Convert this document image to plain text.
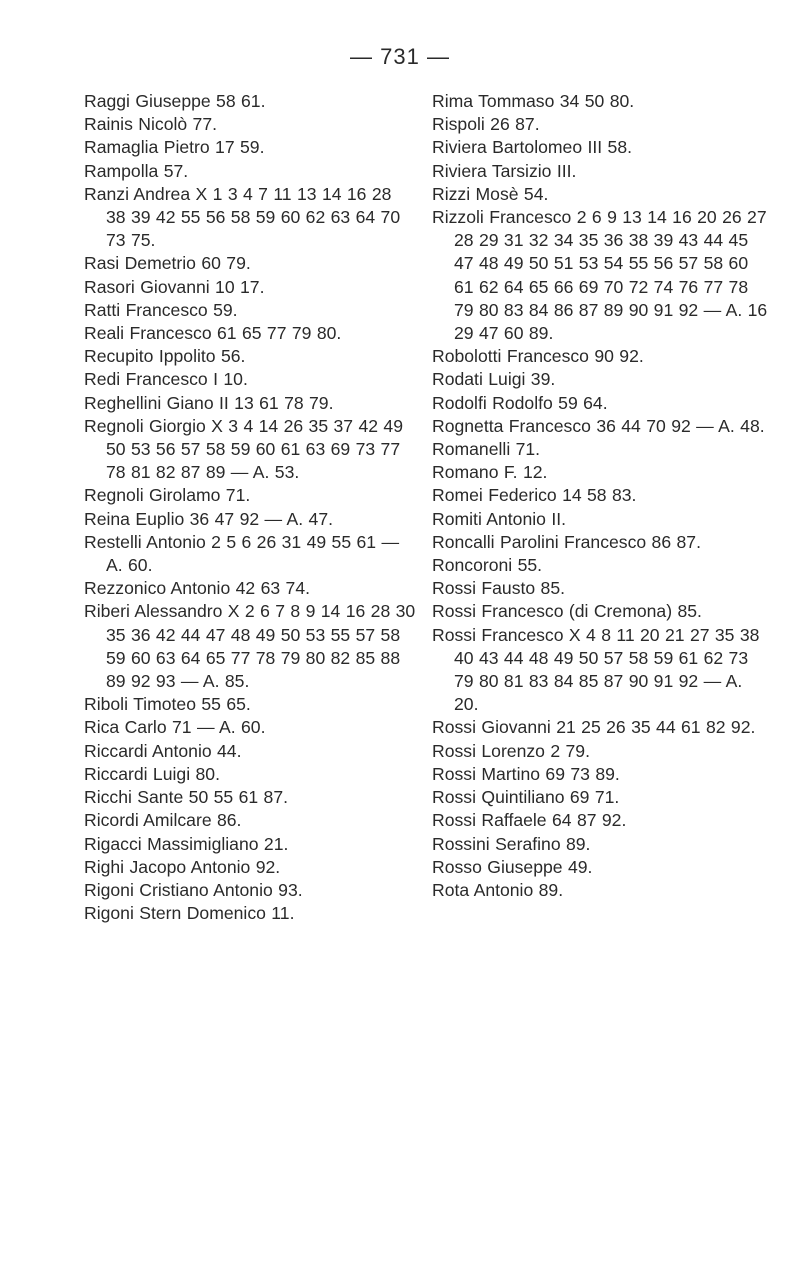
— 731 —
Raggi Giuseppe 58 61.
Rainis Nicolò 77.
Ramaglia Pietro 17 59.
Rampolla 57.
Ranzi Andrea X 1 3 4 7 11 13 14 16 28 38 39 42 55 56 58 59 60 62 63 64 70 73 75.
Rasi Demetrio 60 79.
Rasori Giovanni 10 17.
Ratti Francesco 59.
Reali Francesco 61 65 77 79 80.
Recupito Ippolito 56.
Redi Francesco I 10.
Reghellini Giano II 13 61 78 79.
Regnoli Giorgio X 3 4 14 26 35 37 42 49 50 53 56 57 58 59 60 61 63 69 73 77 78 81 82 87 89 — A. 53.
Regnoli Girolamo 71.
Reina Euplio 36 47 92 — A. 47.
Restelli Antonio 2 5 6 26 31 49 55 61 — A. 60.
Rezzonico Antonio 42 63 74.
Riberi Alessandro X 2 6 7 8 9 14 16 28 30 35 36 42 44 47 48 49 50 53 55 57 58 59 60 63 64 65 77 78 79 80 82 85 88 89 92 93 — A. 85.
Riboli Timoteo 55 65.
Rica Carlo 71 — A. 60.
Riccardi Antonio 44.
Riccardi Luigi 80.
Ricchi Sante 50 55 61 87.
Ricordi Amilcare 86.
Rigacci Massimigliano 21.
Righi Jacopo Antonio 92.
Rigoni Cristiano Antonio 93.
Rigoni Stern Domenico 11.
Rima Tommaso 34 50 80.
Rispoli 26 87.
Riviera Bartolomeo III 58.
Riviera Tarsizio III.
Rizzi Mosè 54.
Rizzoli Francesco 2 6 9 13 14 16 20 26 27 28 29 31 32 34 35 36 38 39 43 44 45 47 48 49 50 51 53 54 55 56 57 58 60 61 62 64 65 66 69 70 72 74 76 77 78 79 80 83 84 86 87 89 90 91 92 — A. 16 29 47 60 89.
Robolotti Francesco 90 92.
Rodati Luigi 39.
Rodolfi Rodolfo 59 64.
Rognetta Francesco 36 44 70 92 — A. 48.
Romanelli 71.
Romano F. 12.
Romei Federico 14 58 83.
Romiti Antonio II.
Roncalli Parolini Francesco 86 87.
Roncoroni 55.
Rossi Fausto 85.
Rossi Francesco (di Cremona) 85.
Rossi Francesco X 4 8 11 20 21 27 35 38 40 43 44 48 49 50 57 58 59 61 62 73 79 80 81 83 84 85 87 90 91 92 — A. 20.
Rossi Giovanni 21 25 26 35 44 61 82 92.
Rossi Lorenzo 2 79.
Rossi Martino 69 73 89.
Rossi Quintiliano 69 71.
Rossi Raffaele 64 87 92.
Rossini Serafino 89.
Rosso Giuseppe 49.
Rota Antonio 89.
